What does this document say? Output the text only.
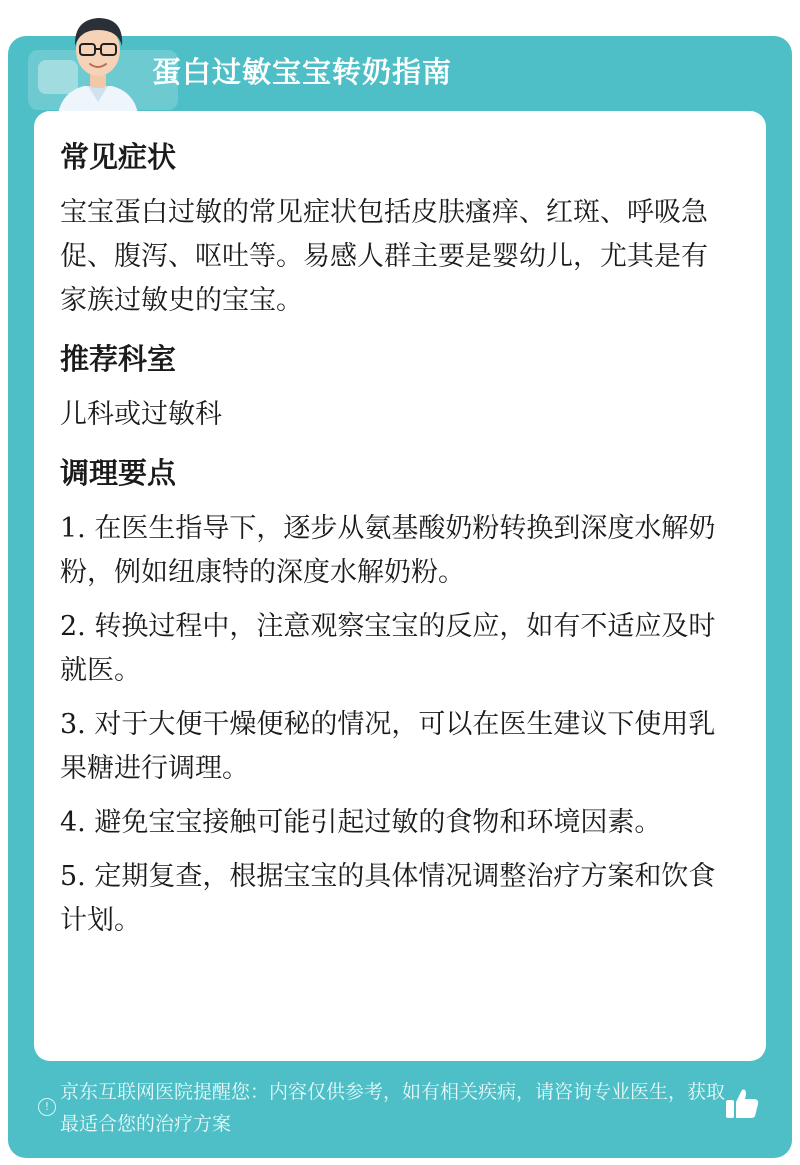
蛋白过敏宝宝转奶指南
常见症状

宝宝蛋白过敏的常见症状包括皮肤瘙痒、红斑、呼吸急促、腹泻、呕吐等。易感人群主要是婴幼儿，尤其是有家族过敏史的宝宝。

推荐科室

儿科或过敏科

调理要点
1. 在医生指导下，逐步从氨基酸奶粉转换到深度水解奶粉，例如纽康特的深度水解奶粉。
2. 转换过程中，注意观察宝宝的反应，如有不适应及时就医。
3. 对于大便干燥便秘的情况，可以在医生建议下使用乳果糖进行调理。
4. 避免宝宝接触可能引起过敏的食物和环境因素。
5. 定期复查，根据宝宝的具体情况调整治疗方案和饮食计划。
!
京东互联网医院提醒您：内容仅供参考，如有相关疾病，请咨询专业医生，获取最适合您的治疗方案
